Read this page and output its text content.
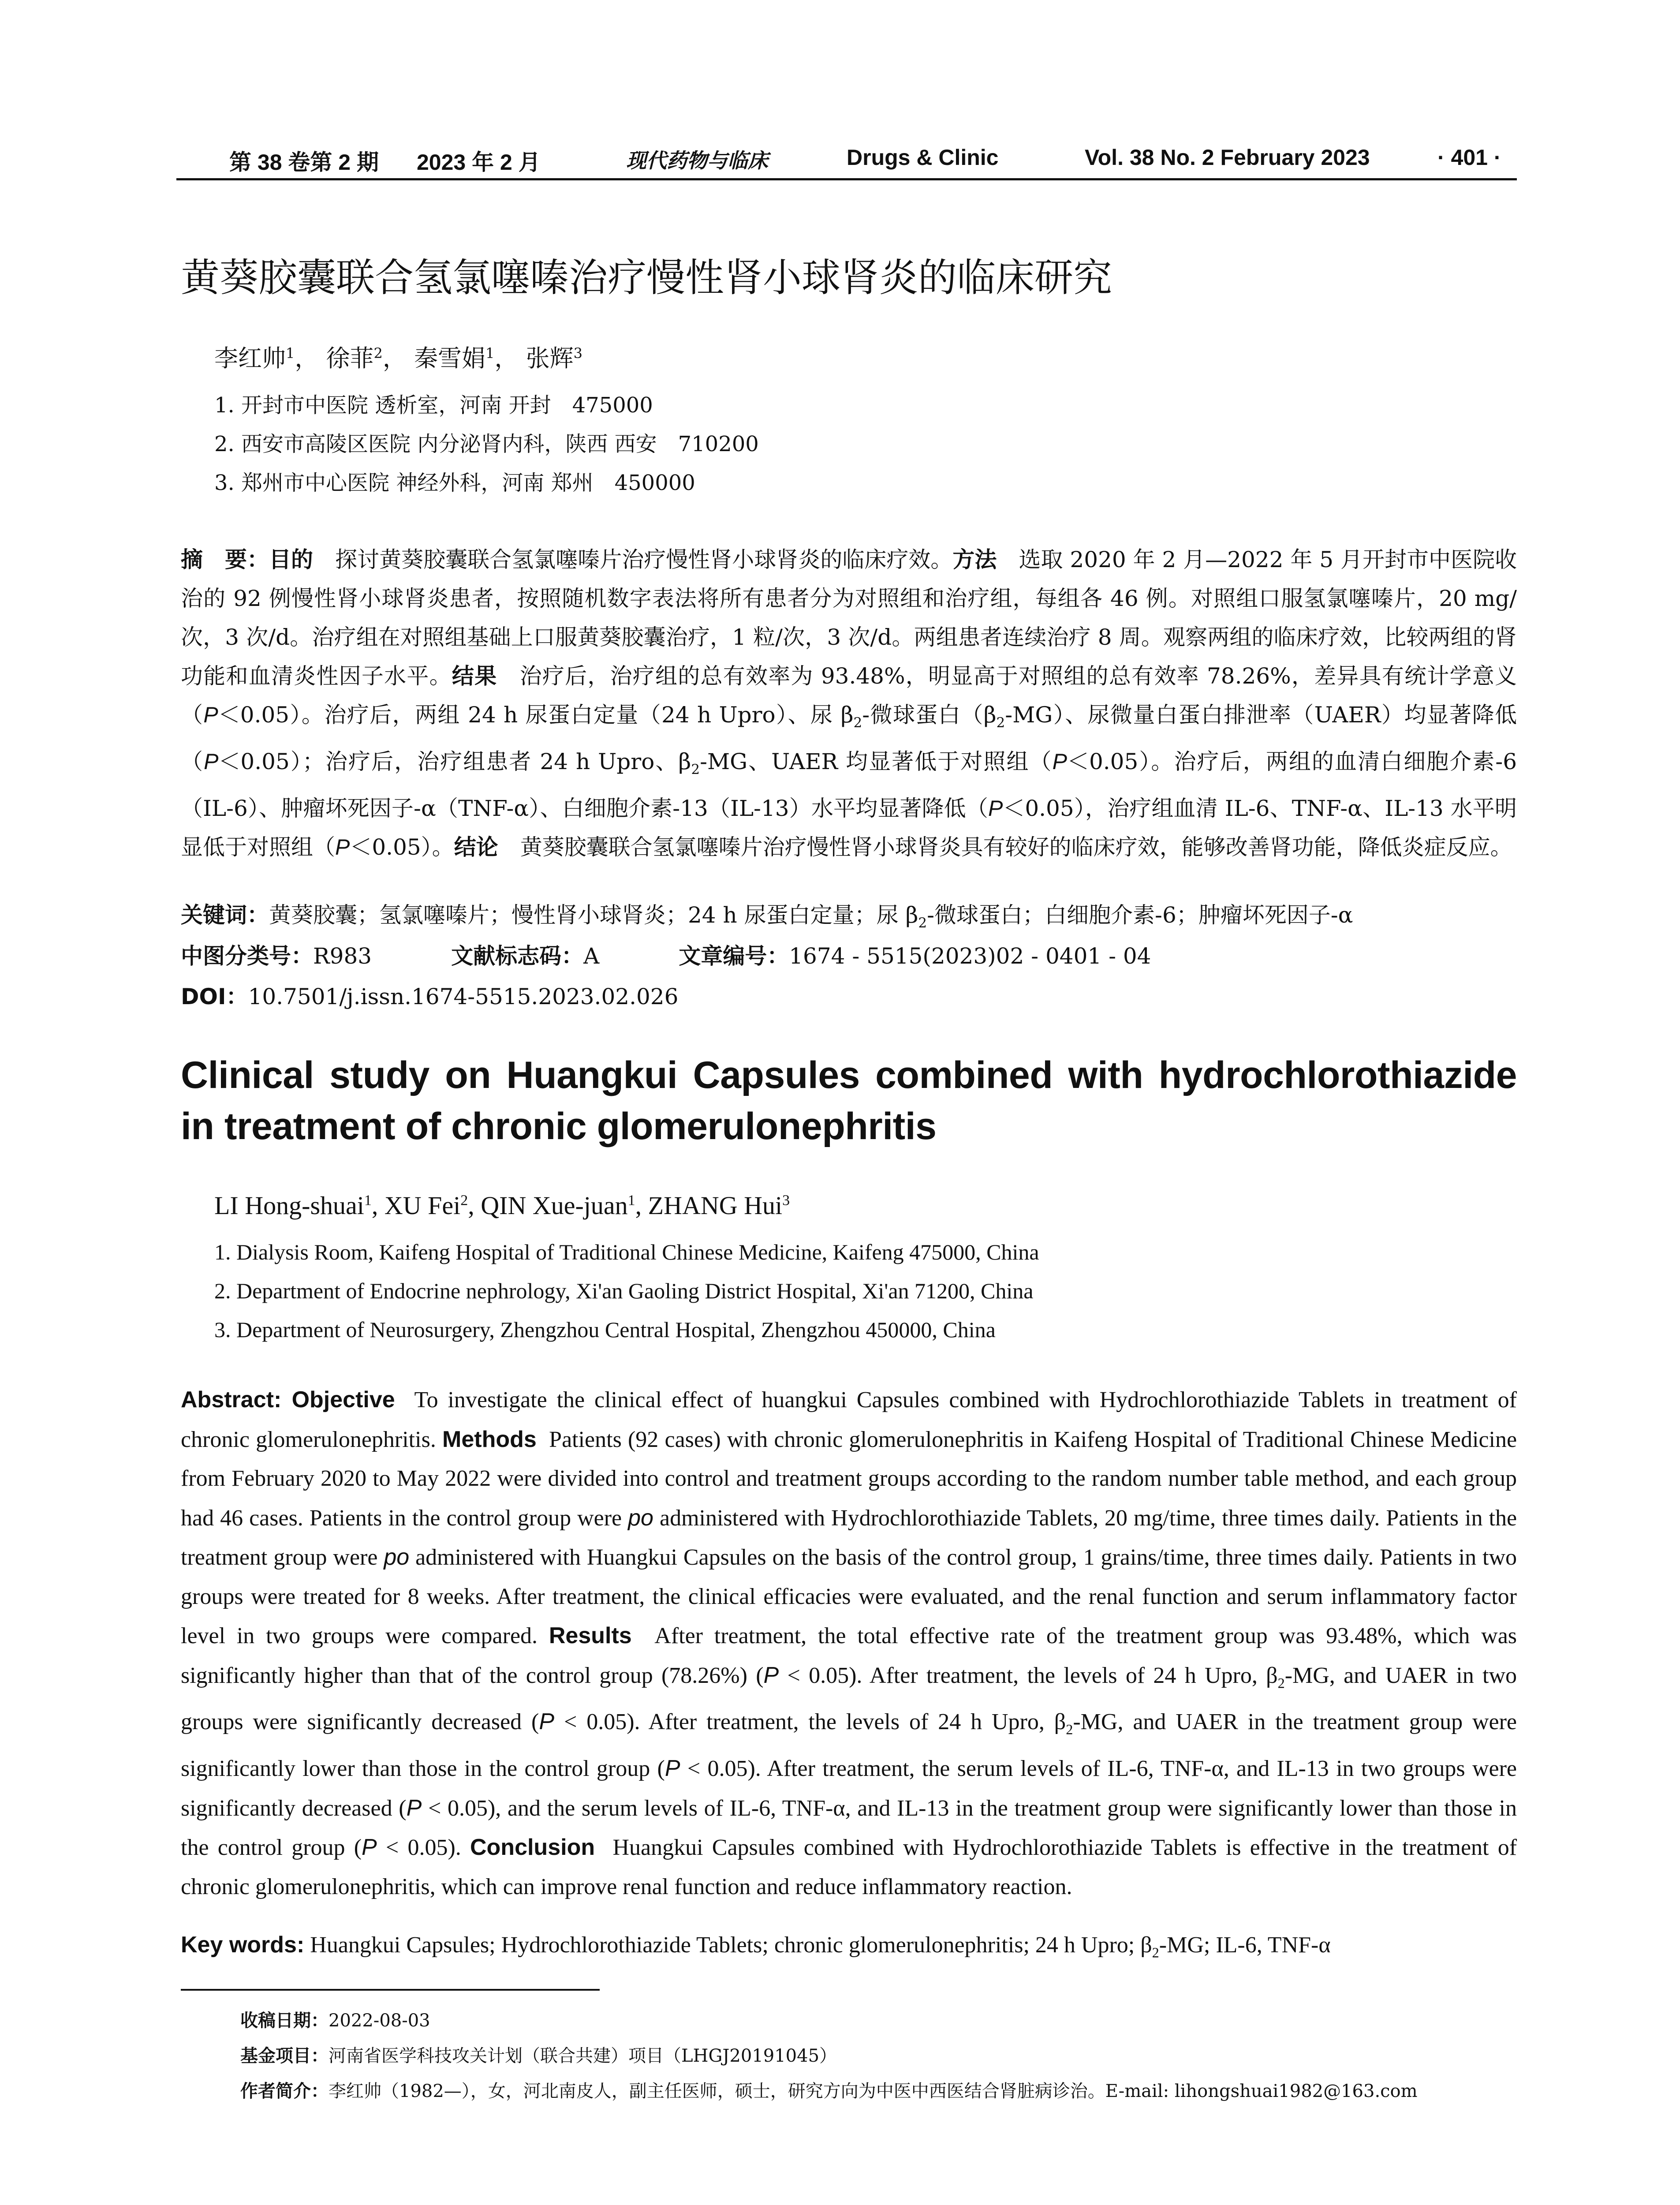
第 38 卷第 2 期 2023 年 2 月	现代药物与临床	Drugs & Clinic	Vol. 38 No. 2 February 2023	· 401 ·
黄葵胶囊联合氢氯噻嗪治疗慢性肾小球肾炎的临床研究
李红帅$^1$， 徐菲$^2$， 秦雪娟$^1$， 张辉$^3$
1. 开封市中医院 透析室，河南 开封　475000
2. 西安市高陵区医院 内分泌肾内科，陕西 西安　710200
3. 郑州市中心医院 神经外科，河南 郑州　450000
摘　要：目的　 探讨黄葵胶囊联合氢氯噻嗪片治疗慢性肾小球肾炎的临床疗效。方法　 选取 2020 年 2 月—2022 年 5 月开封市中医院收治的 92 例慢性肾小球肾炎患者，按照随机数字表法将所有患者分为对照组和治疗组，每组各 46 例。对照组口服氢氯噻嗪片，20 mg/次，3 次/d。治疗组在对照组基础上口服黄葵胶囊治疗，1 粒/次，3 次/d。两组患者连续治疗 8 周。观察两组的临床疗效，比较两组的肾功能和血清炎性因子水平。结果　 治疗后，治疗组的总有效率为 93.48%，明显高于对照组的总有效率 78.26%，差异具有统计学意义（P＜0.05）。治疗后，两组 24 h 尿蛋白定量（24 h Upro）、尿 $\beta_2-$微球蛋白$(\beta_2-MG)$、尿微量白蛋白排泄率（UAER）均显著降低（P＜0.05）；治疗后，治疗组患者 24 h Upro、$\beta_2-MG$、UAER 均显著低于对照组（P＜0.05）。治疗后，两组的血清白细胞介素-6（IL-6）、肿瘤坏死因子-α（TNF-α）、白细胞介素-13（IL-13）水平均显著降低（P＜0.05），治疗组血清 IL-6、TNF-α、IL-13 水平明显低于对照组（P＜0.05）。结论　 黄葵胶囊联合氢氯噻嗪片治疗慢性肾小球肾炎具有较好的临床疗效，能够改善肾功能，降低炎症反应。
关键词：黄葵胶囊；氢氯噻嗪片；慢性肾小球肾炎；24 h 尿蛋白定量；尿 $\beta_2-$微球蛋白；白细胞介素-6；肿瘤坏死因子-α
中图分类号：R983	文献标志码：A	文章编号：1674 - 5515(2023)02 - 0401 - 04
DOI：10.7501/j.issn.1674-5515.2023.02.026
Clinical study on Huangkui Capsules combined with hydrochlorothiazide in treatment of chronic glomerulonephritis
LI Hong-shuai$^1$, XU Fei$^2$, QIN Xue-juan$^1$, ZHANG Hui$^3$
1. Dialysis Room, Kaifeng Hospital of Traditional Chinese Medicine, Kaifeng 475000, China
2. Department of Endocrine nephrology, Xi'an Gaoling District Hospital, Xi'an 71200, China
3. Department of Neurosurgery, Zhengzhou Central Hospital, Zhengzhou 450000, China
Abstract: Objective To investigate the clinical effect of huangkui Capsules combined with Hydrochlorothiazide Tablets in treatment of chronic glomerulonephritis. Methods Patients (92 cases) with chronic glomerulonephritis in Kaifeng Hospital of Traditional Chinese Medicine from February 2020 to May 2022 were divided into control and treatment groups according to the random number table method, and each group had 46 cases. Patients in the control group were po administered with Hydrochlorothiazide Tablets, 20 mg/time, three times daily. Patients in the treatment group were po administered with Huangkui Capsules on the basis of the control group, 1 grains/time, three times daily. Patients in two groups were treated for 8 weeks. After treatment, the clinical efficacies were evaluated, and the renal function and serum inflammatory factor level in two groups were compared. Results After treatment, the total effective rate of the treatment group was 93.48%, which was significantly higher than that of the control group (78.26%) (P < 0.05). After treatment, the levels of 24 h Upro, $\beta_2-MG$, and UAER in two groups were significantly decreased (P < 0.05). After treatment, the levels of 24 h Upro, $\beta_2-MG$, and UAER in the treatment group were significantly lower than those in the control group (P < 0.05). After treatment, the serum levels of IL-6, TNF-α, and IL-13 in two groups were significantly decreased (P < 0.05), and the serum levels of IL-6, TNF-α, and IL-13 in the treatment group were significantly lower than those in the control group (P < 0.05). Conclusion Huangkui Capsules combined with Hydrochlorothiazide Tablets is effective in the treatment of chronic glomerulonephritis, which can improve renal function and reduce inflammatory reaction.
Key words: Huangkui Capsules; Hydrochlorothiazide Tablets; chronic glomerulonephritis; 24 h Upro; $\beta_2-MG$; IL-6, TNF-α
收稿日期：2022-08-03
基金项目：河南省医学科技攻关计划（联合共建）项目（LHGJ20191045）
作者简介：李红帅（1982—），女，河北南皮人，副主任医师，硕士，研究方向为中医中西医结合肾脏病诊治。E-mail: lihongshuai1982@163.com
